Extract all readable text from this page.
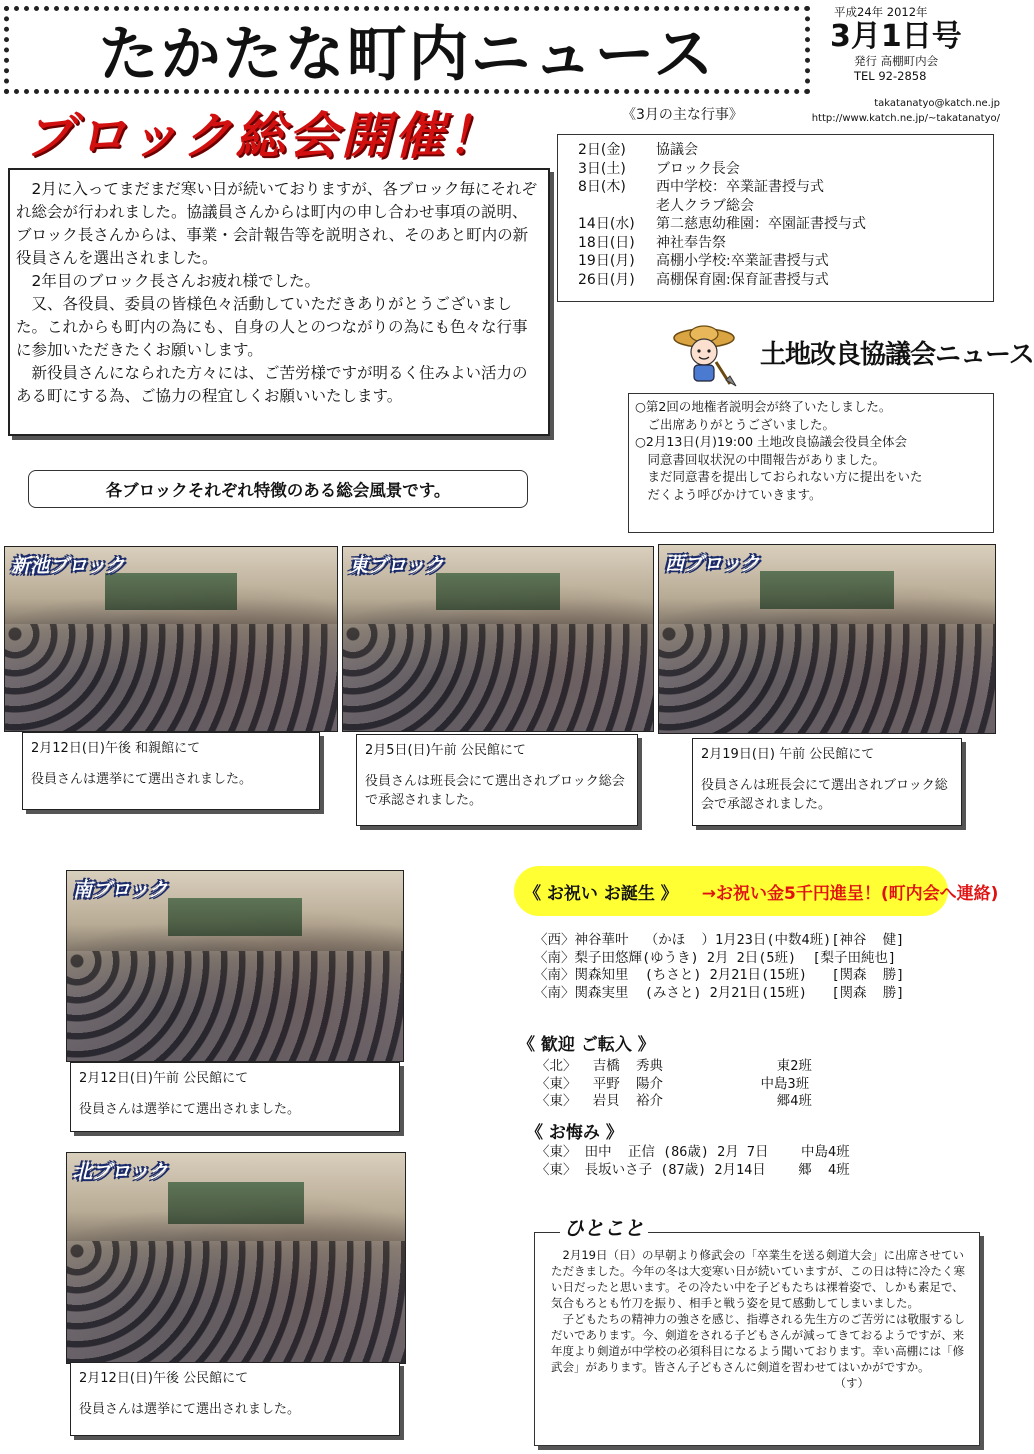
たかたな町内ニュース
平成24年 2012年
3月1日号
発行 高棚町内会
TEL 92-2858
takatanatyo@katch.ne.jp
http://www.katch.ne.jp/~takatanatyo/
ブロック総会開催！	《3月の主な行事》
2日(金)	協議会
3日(土)	ブロック長会
8日(木)	西中学校：卒業証書授与式
老人クラブ総会
14日(水)	第二慈恵幼稚園：卒園証書授与式
18日(日)	神社奉告祭
19日(月)	高棚小学校:卒業証書授与式
26日(月)	高棚保育園:保育証書授与式

2月に入ってまだまだ寒い日が続いておりますが、各ブロック毎にそれぞれ総会が行われました。協議員さんからは町内の申し合わせ事項の説明、ブロック長さんからは、事業・会計報告等を説明され、そのあと町内の新役員さんを選出されました。

2年目のブロック長さんお疲れ様でした。

又、各役員、委員の皆様色々活動していただきありがとうございました。これからも町内の為にも、自身の人とのつながりの為にも色々な行事に参加いただきたくお願いします。

新役員さんになられた方々には、ご苦労様ですが明るく住みよい活力のある町にする為、ご協力の程宜しくお願いいたします。

土地改良協議会ニュース
○第2回の地権者説明会が終了いたしました。
　ご出席ありがとうございました。
○2月13日(月)19:00 土地改良協議会役員全体会
　同意書回収状況の中間報告がありました。
　まだ同意書を提出しておられない方に提出をいた
　だくよう呼びかけていきます。
各ブロックそれぞれ特徴のある総会風景です。
新池ブロック	東ブロック	西ブロック
2月12日(日)午後 和親館にて
役員さんは選挙にて選出されました。
2月5日(日)午前 公民館にて
役員さんは班長会にて選出されブロック総会で承認されました。
2月19日(日) 午前 公民館にて
役員さんは班長会にて選出されブロック総会で承認されました。
南ブロック
2月12日(日)午前 公民館にて
役員さんは選挙にて選出されました。
北ブロック
2月12日(日)午後 公民館にて
役員さんは選挙にて選出されました。
《 お祝い お誕生 》 →お祝い金5千円進呈！(町内会へ連絡)
〈西〉神谷華叶  （かほ  ）1月23日(中数4班)[神谷  健]
〈南〉梨子田悠輝(ゆうき) 2月 2日(5班)  [梨子田純也]
〈南〉関森知里  (ちさと) 2月21日(15班)   [関森  勝]
〈南〉関森実里  (みさと) 2月21日(15班)   [関森  勝]
《 歓迎 ご転入 》
〈北〉  吉橋  秀典              東2班
〈東〉  平野  陽介            中島3班
〈東〉  岩貝  裕介              郷4班
《 お悔み 》
〈東〉 田中  正信 (86歳) 2月 7日    中島4班
〈東〉 長坂いさ子 (87歳) 2月14日    郷  4班

2月19日（日）の早朝より修武会の「卒業生を送る剣道大会」に出席させていただきました。今年の冬は大変寒い日が続いていますが、この日は特に冷たく寒い日だったと思います。その冷たい中を子どもたちは裸着姿で、しかも素足で、気合もろとも竹刀を振り、相手と戦う姿を見て感動してしまいました。

子どもたちの精神力の強さを感じ、指導される先生方のご苦労には敬服するしだいであります。今、剣道をされる子どもさんが減ってきておるようですが、来年度より剣道が中学校の必須科目になるよう聞いております。幸い高棚には「修武会」があります。皆さん子どもさんに剣道を習わせてはいかがですか。

（す）
ひとこと
